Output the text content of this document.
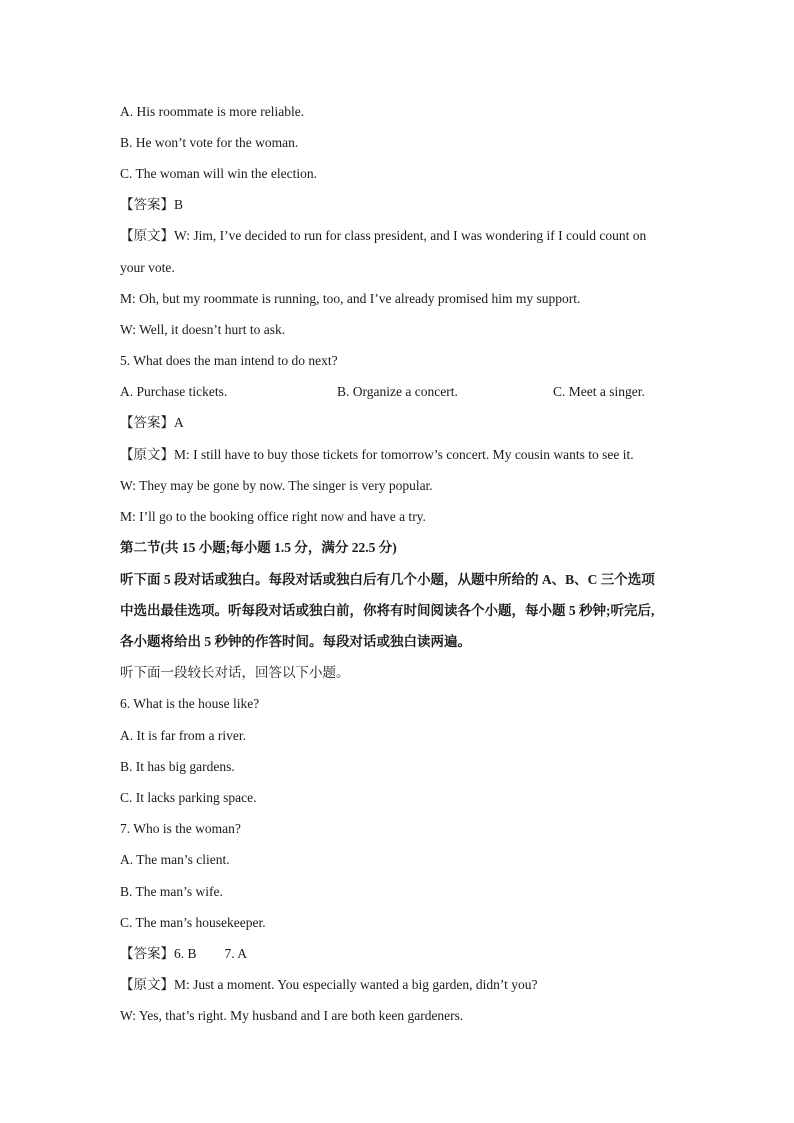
A. His roommate is more reliable.
B. He won’t vote for the woman.
C. The woman will win the election.
【答案】B
【原文】W: Jim, I’ve decided to run for class president, and I was wondering if I could count on
your vote.
M: Oh, but my roommate is running, too, and I’ve already promised him my support.
W: Well, it doesn’t hurt to ask.
5. What does the man intend to do next?
A. Purchase tickets.	B. Organize a concert.	C. Meet a singer.
【答案】A
【原文】M: I still have to buy those tickets for tomorrow’s concert. My cousin wants to see it.
W: They may be gone by now. The singer is very popular.
M: I’ll go to the booking office right now and have a try.
第二节(共 15 小题;每小题 1.5 分，满分 22.5 分)
听下面 5 段对话或独白。每段对话或独白后有几个小题，从题中所给的 A、B、C 三个选项
中选出最佳选项。听每段对话或独白前，你将有时间阅读各个小题，每小题 5 秒钟;听完后,
各小题将给出 5 秒钟的作答时间。每段对话或独白读两遍。
听下面一段较长对话，回答以下小题。
6. What is the house like?
A. It is far from a river.
B. It has big gardens.
C. It lacks parking space.
7. Who is the woman?
A. The man’s client.
B. The man’s wife.
C. The man’s housekeeper.
【答案】6. B 7. A
【原文】M: Just a moment. You especially wanted a big garden, didn’t you?
W: Yes, that’s right. My husband and I are both keen gardeners.
